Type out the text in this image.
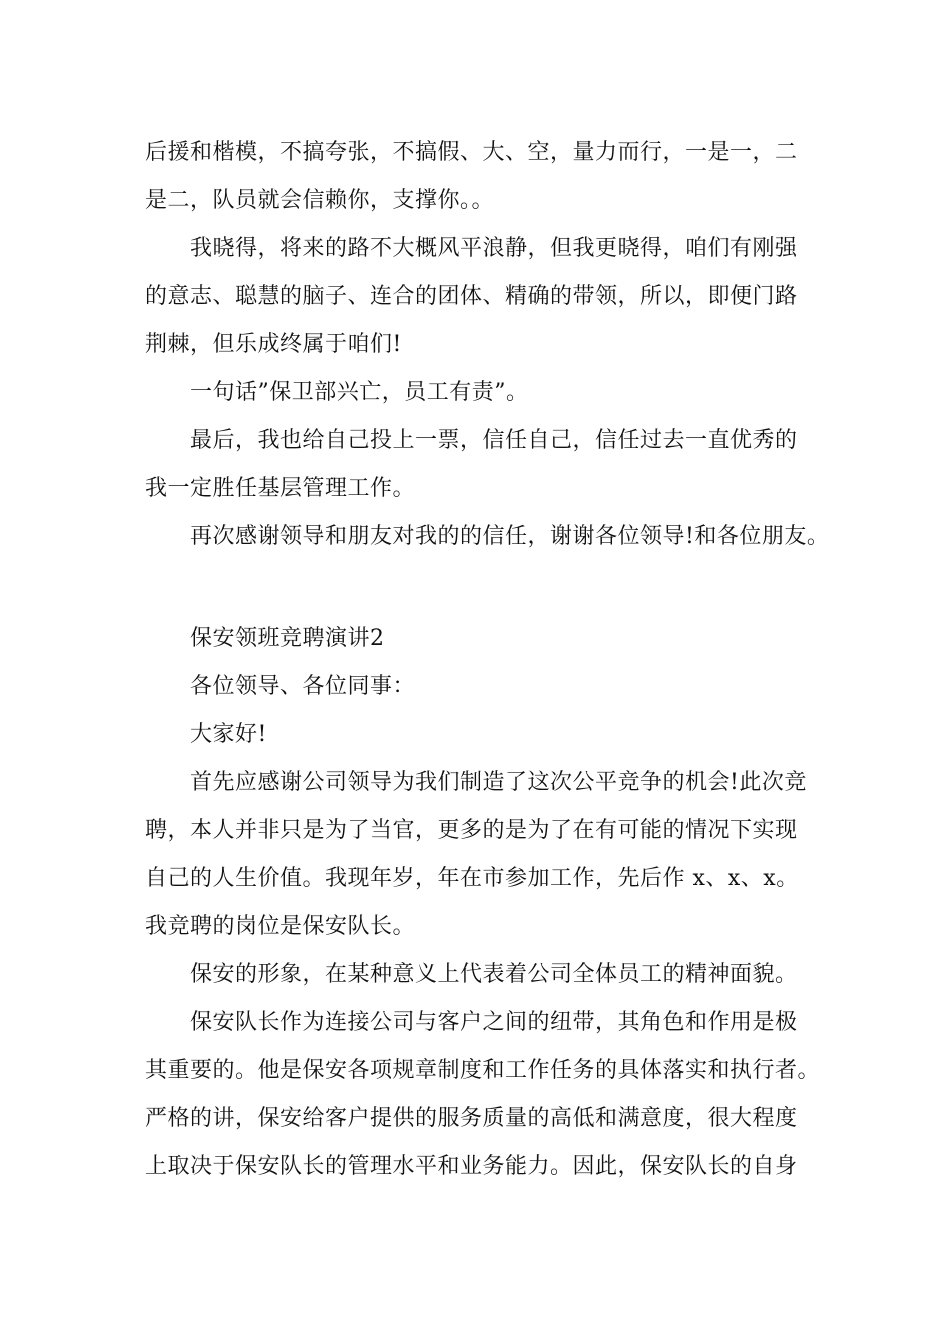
后援和楷模，不搞夸张，不搞假、大、空，量力而行，一是一，二
是二，队员就会信赖你，支撑你。。
我晓得，将来的路不大概风平浪静，但我更晓得，咱们有刚强
的意志、聪慧的脑子、连合的团体、精确的带领，所以，即便门路
荆棘，但乐成终属于咱们!
一句话”保卫部兴亡，员工有责”。
最后，我也给自己投上一票，信任自己，信任过去一直优秀的
我一定胜任基层管理工作。
再次感谢领导和朋友对我的的信任，谢谢各位领导!和各位朋友。
保安领班竞聘演讲2
各位领导、各位同事：
大家好!
首先应感谢公司领导为我们制造了这次公平竞争的机会!此次竞
聘，本人并非只是为了当官，更多的是为了在有可能的情况下实现
自己的人生价值。我现年岁，年在市参加工作，先后作 x、x、x。
我竞聘的岗位是保安队长。
保安的形象，在某种意义上代表着公司全体员工的精神面貌。
保安队长作为连接公司与客户之间的纽带，其角色和作用是极
其重要的。他是保安各项规章制度和工作任务的具体落实和执行者。
严格的讲，保安给客户提供的服务质量的高低和满意度，很大程度
上取决于保安队长的管理水平和业务能力。因此，保安队长的自身
